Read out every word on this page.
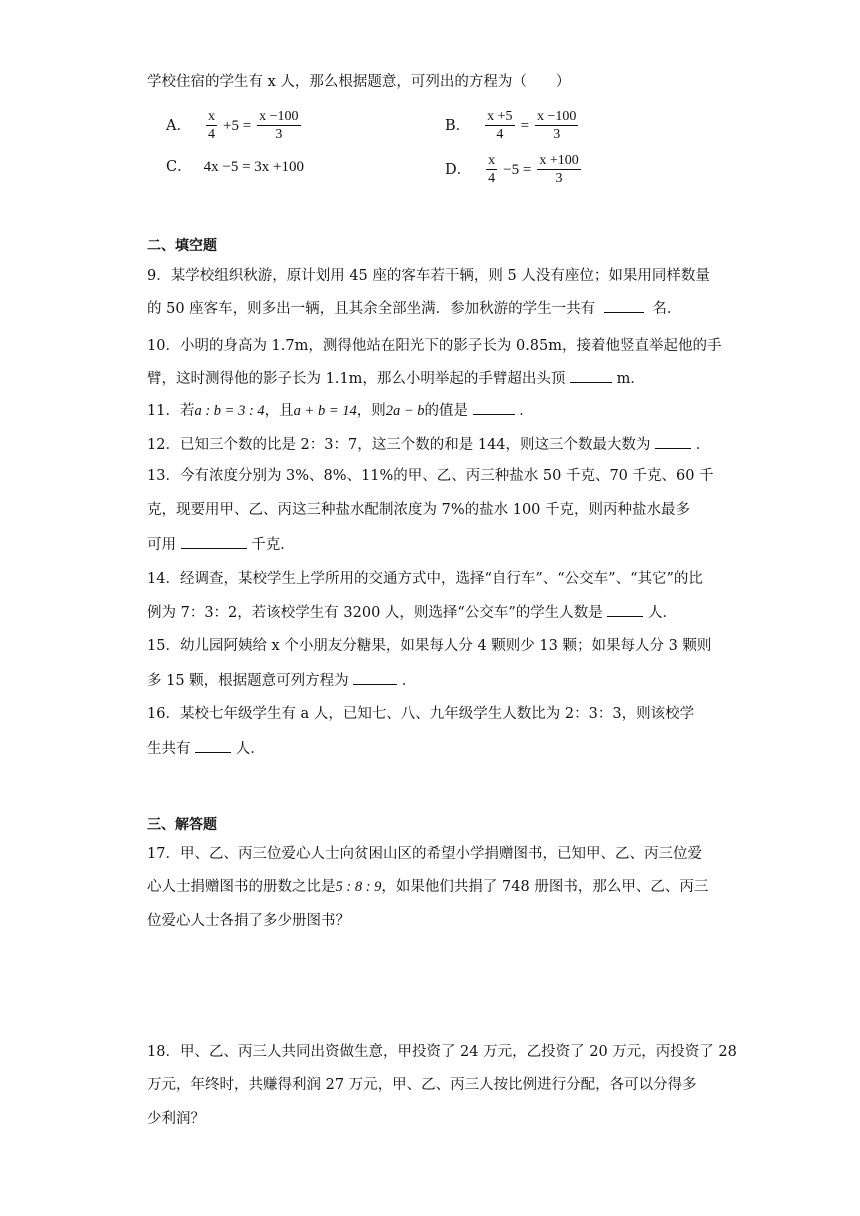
学校住宿的学生有 x 人，那么根据题意，可列出的方程为（　　）
A． $\frac{x}{4} +5 = \frac{x -100}{3}$	B． $\frac{x +5}{4} = \frac{x -100}{3}$
C． 4x −5 = 3x +100	D． $\frac{x}{4} -5 = \frac{x +100}{3}$
二、填空题
9．某学校组织秋游，原计划用 45 座的客车若干辆，则 5 人没有座位；如果用同样数量
的 50 座客车，则多出一辆，且其余全部坐满．参加秋游的学生一共有	名．
10．小明的身高为 1.7m，测得他站在阳光下的影子长为 0.85m，接着他竖直举起他的手
臂，这时测得他的影子长为 1.1m，那么小明举起的手臂超出头顶	m．
11．若a : b = 3 : 4，且a + b = 14，则2a − b的值是	．
12．已知三个数的比是 2：3：7，这三个数的和是 144，则这三个数最大数为	．
13．今有浓度分别为 3%、8%、11%的甲、乙、丙三种盐水 50 千克、70 千克、60 千
克，现要用甲、乙、丙这三种盐水配制浓度为 7%的盐水 100 千克，则丙种盐水最多
可用	千克．
14．经调查，某校学生上学所用的交通方式中，选择“自行车”、“公交车”、“其它”的比
例为 7：3：2，若该校学生有 3200 人，则选择“公交车”的学生人数是	人．
15．幼儿园阿姨给 x 个小朋友分糖果，如果每人分 4 颗则少 13 颗；如果每人分 3 颗则
多 15 颗，根据题意可列方程为	．
16．某校七年级学生有 a 人，已知七、八、九年级学生人数比为 2：3：3，则该校学
生共有	人．
三、解答题
17．甲、乙、丙三位爱心人士向贫困山区的希望小学捐赠图书，已知甲、乙、丙三位爱
心人士捐赠图书的册数之比是5 : 8 : 9，如果他们共捐了 748 册图书，那么甲、乙、丙三
位爱心人士各捐了多少册图书？
18．甲、乙、丙三人共同出资做生意，甲投资了 24 万元，乙投资了 20 万元，丙投资了 28
万元，年终时，共赚得利润 27 万元，甲、乙、丙三人按比例进行分配，各可以分得多
少利润？
